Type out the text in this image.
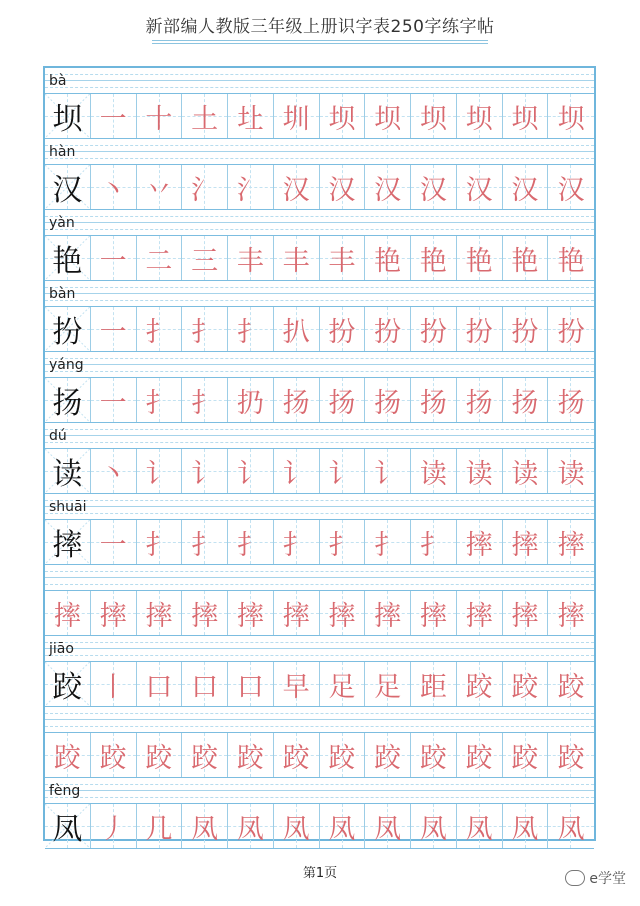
新部编人教版三年级上册识字表250字练字帖
bà
坝 一 十 土 圵 圳 坝 坝 坝 坝 坝 坝
hàn
汉 丶 丷 氵 氵 汉 汉 汉 汉 汉 汉 汉
yàn
艳 一 二 三 丰 丰 丰 艳 艳 艳 艳 艳
bàn
扮 一 扌 扌 扌 扒 扮 扮 扮 扮 扮 扮
yáng
扬 一 扌 扌 扔 扬 扬 扬 扬 扬 扬 扬
dú
读 丶 讠 讠 讠 讠 讠 讠 读 读 读 读
shuāi
摔 一 扌 扌 扌 扌 扌 扌 扌 摔 摔 摔
摔 摔 摔 摔 摔 摔 摔 摔 摔 摔 摔 摔
jiāo
跤 丨 口 口 口 早 足 足 距 跤 跤 跤
跤 跤 跤 跤 跤 跤 跤 跤 跤 跤 跤 跤
fèng
凤 丿 几 凤 凤 凤 凤 凤 凤 凤 凤 凤
第1页	e学堂
